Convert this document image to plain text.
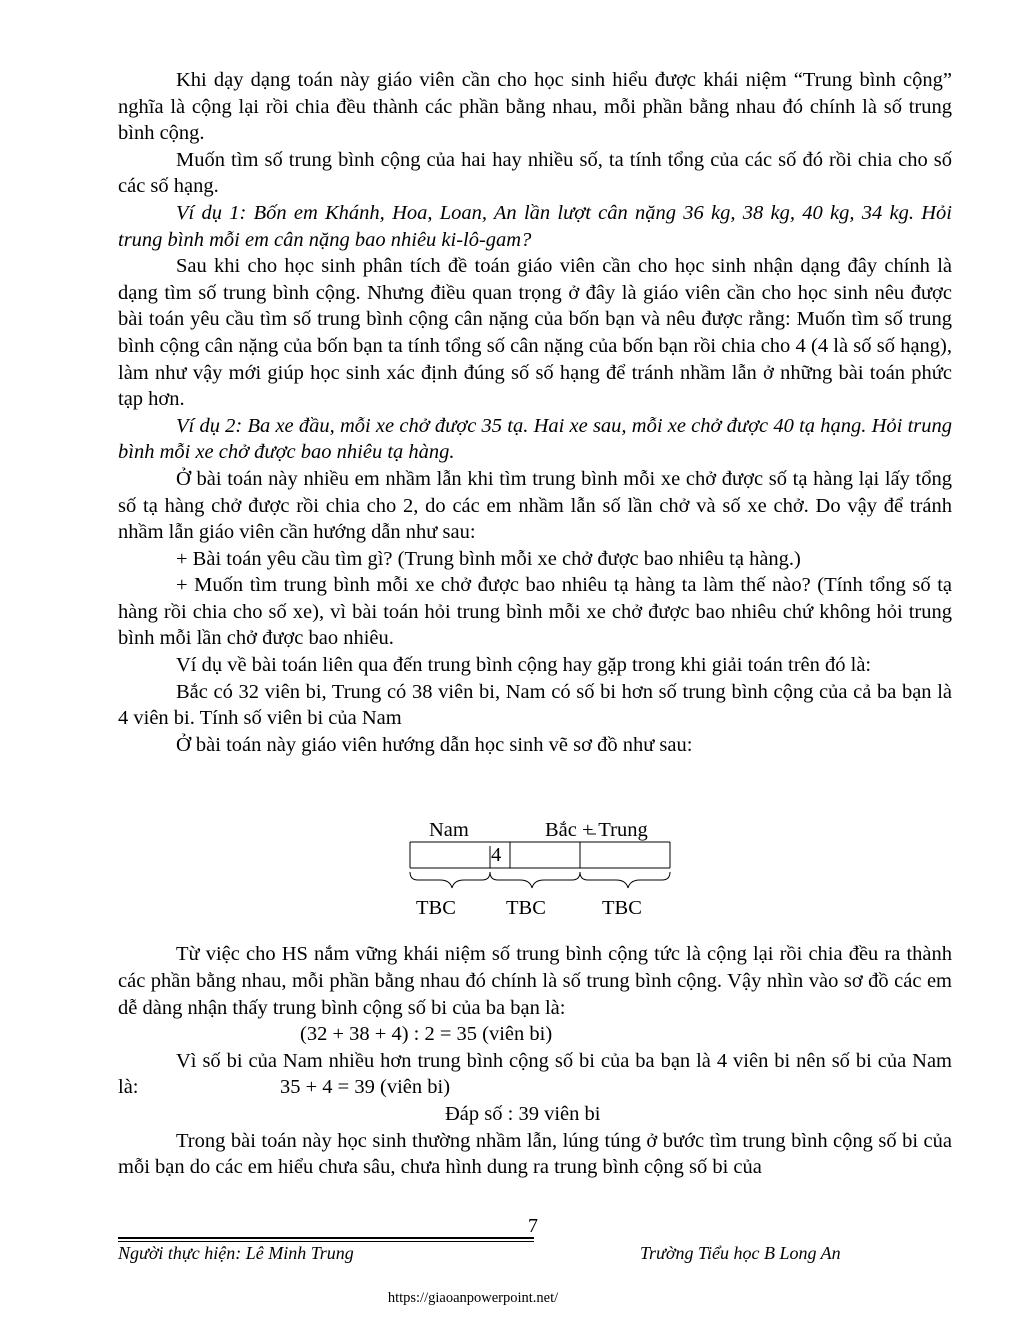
Khi dạy dạng toán này giáo viên cần cho học sinh hiểu được khái niệm “Trung bình cộng” nghĩa là cộng lại rồi chia đều thành các phần bằng nhau, mỗi phần bằng nhau đó chính là số trung bình cộng.

Muốn tìm số trung bình cộng của hai hay nhiều số, ta tính tổng của các số đó rồi chia cho số các số hạng.

Ví dụ 1: Bốn em Khánh, Hoa, Loan, An lần lượt cân nặng 36 kg, 38 kg, 40 kg, 34 kg. Hỏi trung bình mỗi em cân nặng bao nhiêu ki-lô-gam?

Sau khi cho học sinh phân tích đề toán giáo viên cần cho học sinh nhận dạng đây chính là dạng tìm số trung bình cộng. Nhưng điều quan trọng ở đây là giáo viên cần cho học sinh nêu được bài toán yêu cầu tìm số trung bình cộng cân nặng của bốn bạn và nêu được rằng: Muốn tìm số trung bình cộng cân nặng của bốn bạn ta tính tổng số cân nặng của bốn bạn rồi chia cho 4 (4 là số số hạng), làm như vậy mới giúp học sinh xác định đúng số số hạng để tránh nhầm lẫn ở những bài toán phức tạp hơn.

Ví dụ 2: Ba xe đầu, mỗi xe chở được 35 tạ. Hai xe sau, mỗi xe chở được 40 tạ hạng. Hỏi trung bình mỗi xe chở được bao nhiêu tạ hàng.

Ở bài toán này nhiều em nhầm lẫn khi tìm trung bình mỗi xe chở được số tạ hàng lại lấy tổng số tạ hàng chở được rồi chia cho 2, do các em nhầm lẫn số lần chở và số xe chở. Do vậy để tránh nhầm lẫn giáo viên cần hướng dẫn như sau:

+ Bài toán yêu cầu tìm gì? (Trung bình mỗi xe chở được bao nhiêu tạ hàng.)

+ Muốn tìm trung bình mỗi xe chở được bao nhiêu tạ hàng ta làm thế nào? (Tính tổng số tạ hàng rồi chia cho số xe), vì bài toán hỏi trung bình mỗi xe chở được bao nhiêu chứ không hỏi trung bình mỗi lần chở được bao nhiêu.

Ví dụ về bài toán liên qua đến trung bình cộng hay gặp trong khi giải toán trên đó là:

Bắc có 32 viên bi, Trung có 38 viên bi, Nam có số bi hơn số trung bình cộng của cả ba bạn là 4 viên bi. Tính số viên bi của Nam

Ở bài toán này giáo viên hướng dẫn học sinh vẽ sơ đồ như sau:

Nam	Bắc + Trung
4
TBC TBC	TBC

Từ việc cho HS nắm vững khái niệm số trung bình cộng tức là cộng lại rồi chia đều ra thành các phần bằng nhau, mỗi phần bằng nhau đó chính là số trung bình cộng. Vậy nhìn vào sơ đồ các em dễ dàng nhận thấy trung bình cộng số bi của ba bạn là:

(32 + 38 + 4) : 2 = 35 (viên bi)

Vì số bi của Nam nhiều hơn trung bình cộng số bi của ba bạn là 4 viên bi nên số bi của Nam là:	35 + 4 = 39 (viên bi)

Đáp số : 39 viên bi

Trong bài toán này học sinh thường nhầm lẫn, lúng túng ở bước tìm trung bình cộng số bi của mỗi bạn do các em hiểu chưa sâu, chưa hình dung ra trung bình cộng số bi của

7
Người thực hiện: Lê Minh Trung	Trường Tiểu học B Long An
https://giaoanpowerpoint.net/
